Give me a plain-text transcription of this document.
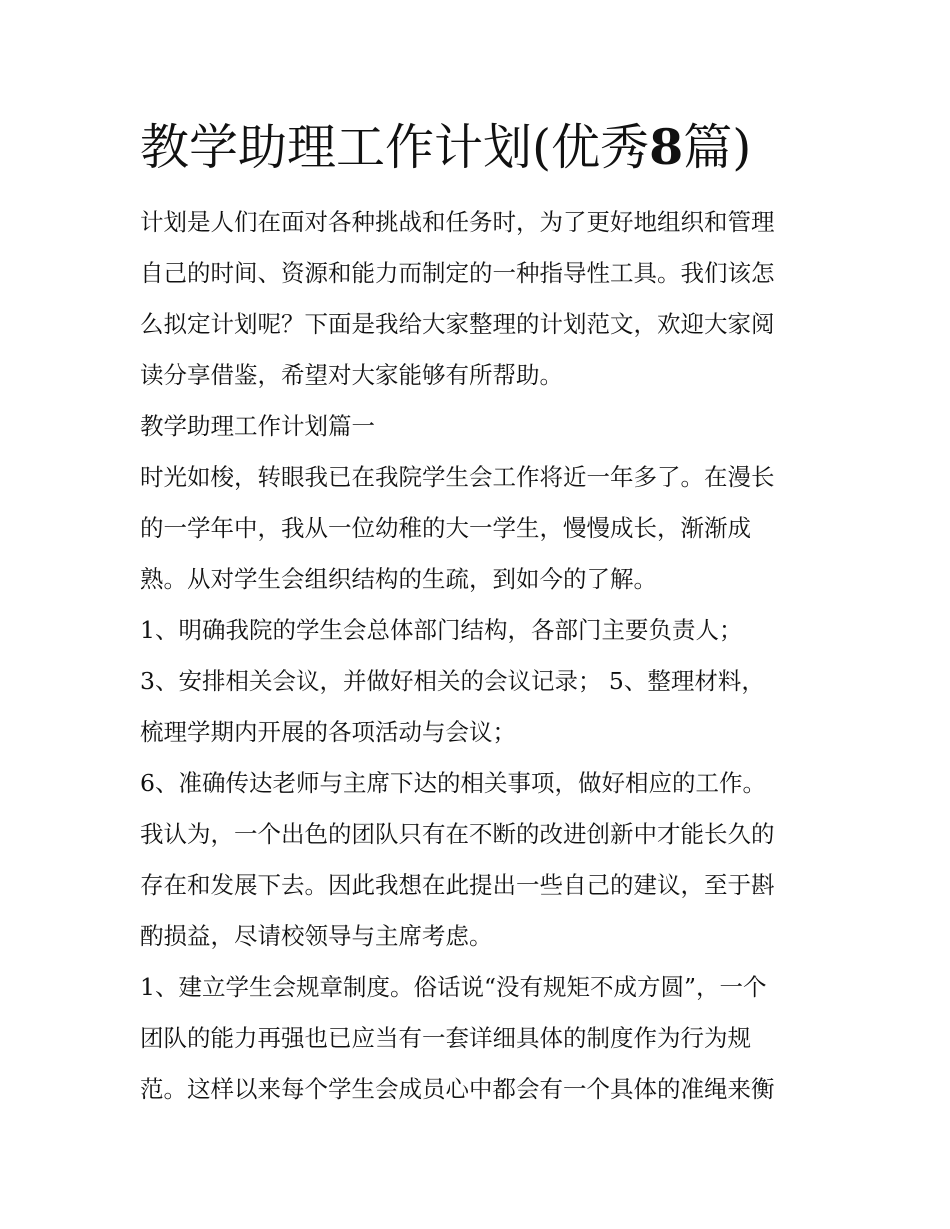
教学助理工作计划(优秀8篇)

计划是人们在面对各种挑战和任务时，为了更好地组织和管理

自己的时间、资源和能力而制定的一种指导性工具。我们该怎

么拟定计划呢？下面是我给大家整理的计划范文，欢迎大家阅

读分享借鉴，希望对大家能够有所帮助。

教学助理工作计划篇一

时光如梭，转眼我已在我院学生会工作将近一年多了。在漫长

的一学年中，我从一位幼稚的大一学生，慢慢成长，渐渐成

熟。从对学生会组织结构的生疏，到如今的了解。

1、明确我院的学生会总体部门结构，各部门主要负责人；

3、安排相关会议，并做好相关的会议记录； 5、整理材料，

梳理学期内开展的各项活动与会议；

6、准确传达老师与主席下达的相关事项，做好相应的工作。

我认为，一个出色的团队只有在不断的改进创新中才能长久的

存在和发展下去。因此我想在此提出一些自己的建议，至于斟

酌损益，尽请校领导与主席考虑。

1、建立学生会规章制度。俗话说“没有规矩不成方圆”，一个

团队的能力再强也已应当有一套详细具体的制度作为行为规

范。这样以来每个学生会成员心中都会有一个具体的准绳来衡
